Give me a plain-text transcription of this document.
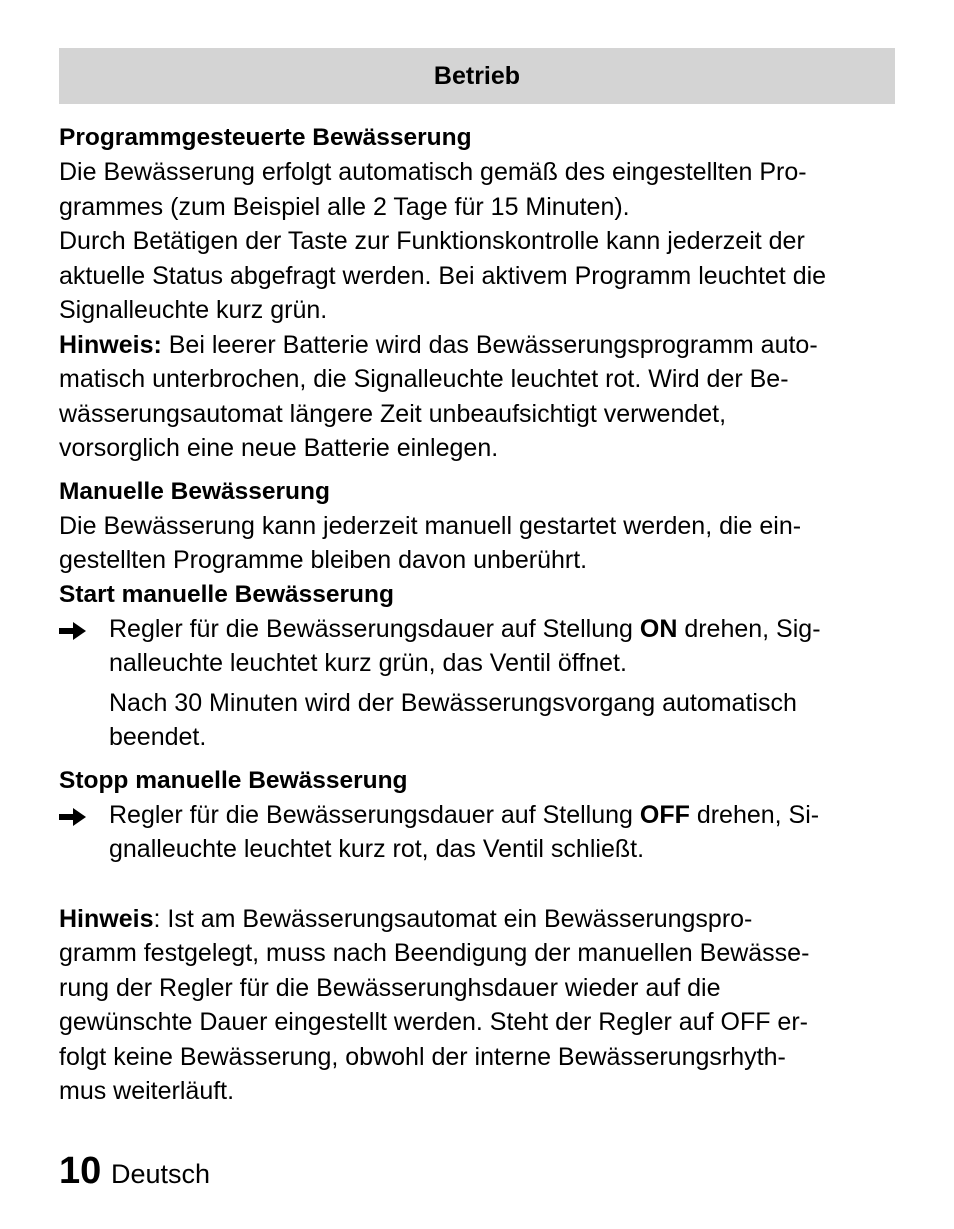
Betrieb
Programmgesteuerte Bewässerung

Die Bewässerung erfolgt automatisch gemäß des eingestellten Pro-
grammes (zum Beispiel alle 2 Tage für 15 Minuten).

Durch Betätigen der Taste zur Funktionskontrolle kann jederzeit der
aktuelle Status abgefragt werden. Bei aktivem Programm leuchtet die
Signalleuchte kurz grün.

Hinweis: Bei leerer Batterie wird das Bewässerungsprogramm auto-
matisch unterbrochen, die Signalleuchte leuchtet rot. Wird der Be-
wässerungsautomat längere Zeit unbeaufsichtigt verwendet,
vorsorglich eine neue Batterie einlegen.

Manuelle Bewässerung

Die Bewässerung kann jederzeit manuell gestartet werden, die ein-
gestellten Programme bleiben davon unberührt.

Start manuelle Bewässerung
Regler für die Bewässerungsdauer auf Stellung ON drehen, Sig-
nalleuchte leuchtet kurz grün, das Ventil öffnet.
Nach 30 Minuten wird der Bewässerungsvorgang automatisch
beendet.
Stopp manuelle Bewässerung
Regler für die Bewässerungsdauer auf Stellung OFF drehen, Si-
gnalleuchte leuchtet kurz rot, das Ventil schließt.

Hinweis: Ist am Bewässerungsautomat ein Bewässerungspro-
gramm festgelegt, muss nach Beendigung der manuellen Bewässe-
rung der Regler für die Bewässerunghsdauer wieder auf die
gewünschte Dauer eingestellt werden. Steht der Regler auf OFF er-
folgt keine Bewässerung, obwohl der interne Bewässerungsrhyth-
mus weiterläuft.

10 Deutsch
